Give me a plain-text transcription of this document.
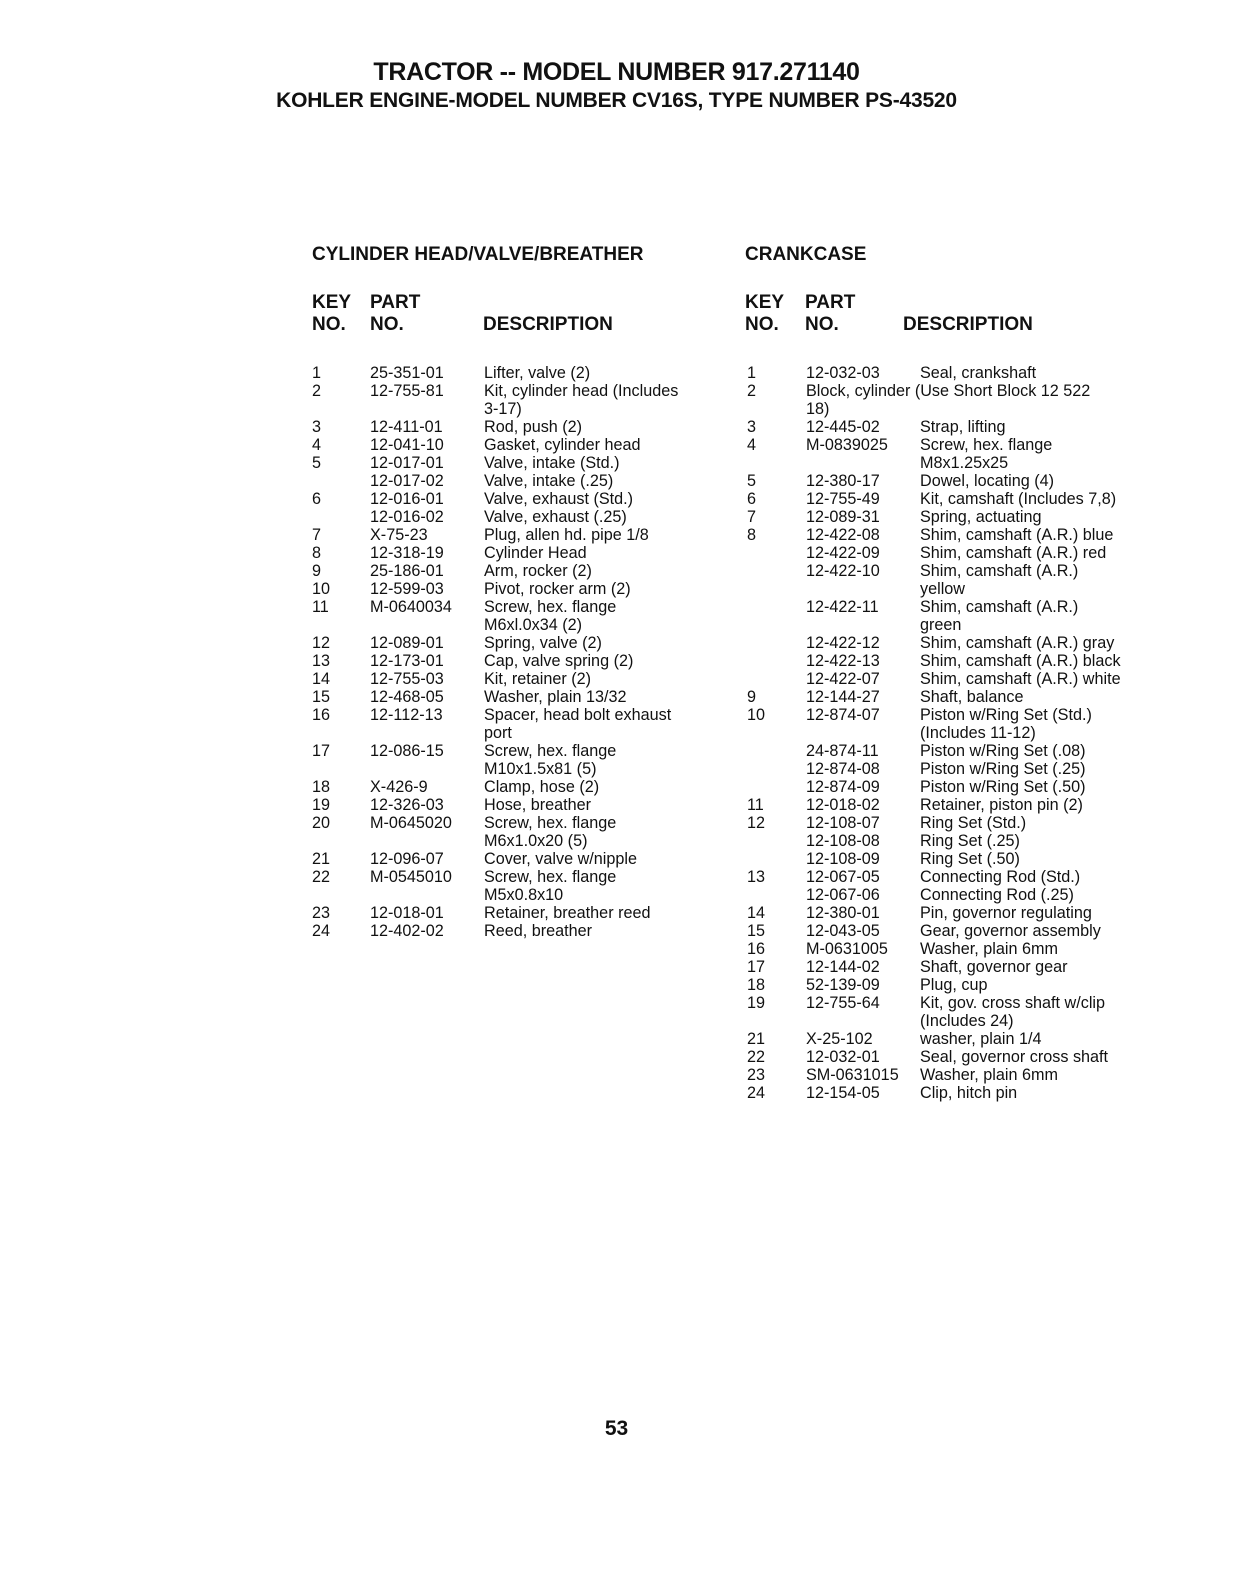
TRACTOR -- MODEL NUMBER 917.271140
KOHLER ENGINE-MODEL NUMBER CV16S, TYPE NUMBER PS-43520
CYLINDER HEAD/VALVE/BREATHER
KEY
NO.
PART
NO.	DESCRIPTION
1	25-351-01 Lifter, valve (2)
2	12-755-81 Kit, cylinder head (Includes
3-17)
3	12-411-01	Rod, push (2)
4	12-041-10 Gasket, cylinder head
5	12-017-01 Valve, intake (Std.)
12-017-02 Valve, intake (.25)
6	12-016-01 Valve, exhaust (Std.)
12-016-02 Valve, exhaust (.25)
7	X-75-23	Plug, allen hd. pipe 1/8
8	12-318-19 Cylinder Head
9	25-186-01 Arm, rocker (2)
10 12-599-03 Pivot, rocker arm (2)
11	M-0640034 Screw, hex. flange
M6xl.0x34 (2)
12 12-089-01 Spring, valve (2)
13 12-173-01 Cap, valve spring (2)
14 12-755-03 Kit, retainer (2)
15 12-468-05 Washer, plain 13/32
16 12-112-13	Spacer, head bolt exhaust
port
17 12-086-15 Screw, hex. flange
M10x1.5x81 (5)
18 X-426-9	Clamp, hose (2)
19 12-326-03 Hose, breather
20 M-0645020 Screw, hex. flange
M6x1.0x20 (5)
21 12-096-07 Cover, valve w/nipple
22 M-0545010 Screw, hex. flange
M5x0.8x10
23 12-018-01 Retainer, breather reed
24 12-402-02 Reed, breather
CRANKCASE
KEY
NO.
PART
NO.	DESCRIPTION
1	12-032-03 Seal, crankshaft
2	Block, cylinder (Use Short Block 12 522
18)
3	12-445-02 Strap, lifting
4	M-0839025 Screw, hex. flange
M8x1.25x25
5	12-380-17 Dowel, locating (4)
6	12-755-49 Kit, camshaft (Includes 7,8)
7	12-089-31 Spring, actuating
8	12-422-08 Shim, camshaft (A.R.) blue
12-422-09 Shim, camshaft (A.R.) red
12-422-10 Shim, camshaft (A.R.)
yellow
12-422-11	Shim, camshaft (A.R.)
green
12-422-12 Shim, camshaft (A.R.) gray
12-422-13 Shim, camshaft (A.R.) black
12-422-07 Shim, camshaft (A.R.) white
9	12-144-27 Shaft, balance
10	12-874-07 Piston w/Ring Set (Std.)
(Includes 11-12)
24-874-11	Piston w/Ring Set (.08)
12-874-08 Piston w/Ring Set (.25)
12-874-09 Piston w/Ring Set (.50)
11	12-018-02 Retainer, piston pin (2)
12	12-108-07 Ring Set (Std.)
12-108-08 Ring Set (.25)
12-108-09 Ring Set (.50)
13	12-067-05 Connecting Rod (Std.)
12-067-06 Connecting Rod (.25)
14	12-380-01 Pin, governor regulating
15	12-043-05 Gear, governor assembly
16	M-0631005 Washer, plain 6mm
17	12-144-02 Shaft, governor gear
18	52-139-09 Plug, cup
19	12-755-64 Kit, gov. cross shaft w/clip
(Includes 24)
21	X-25-102	washer, plain 1/4
22	12-032-01 Seal, governor cross shaft
23	SM-0631015 Washer, plain 6mm
24	12-154-05 Clip, hitch pin
53
